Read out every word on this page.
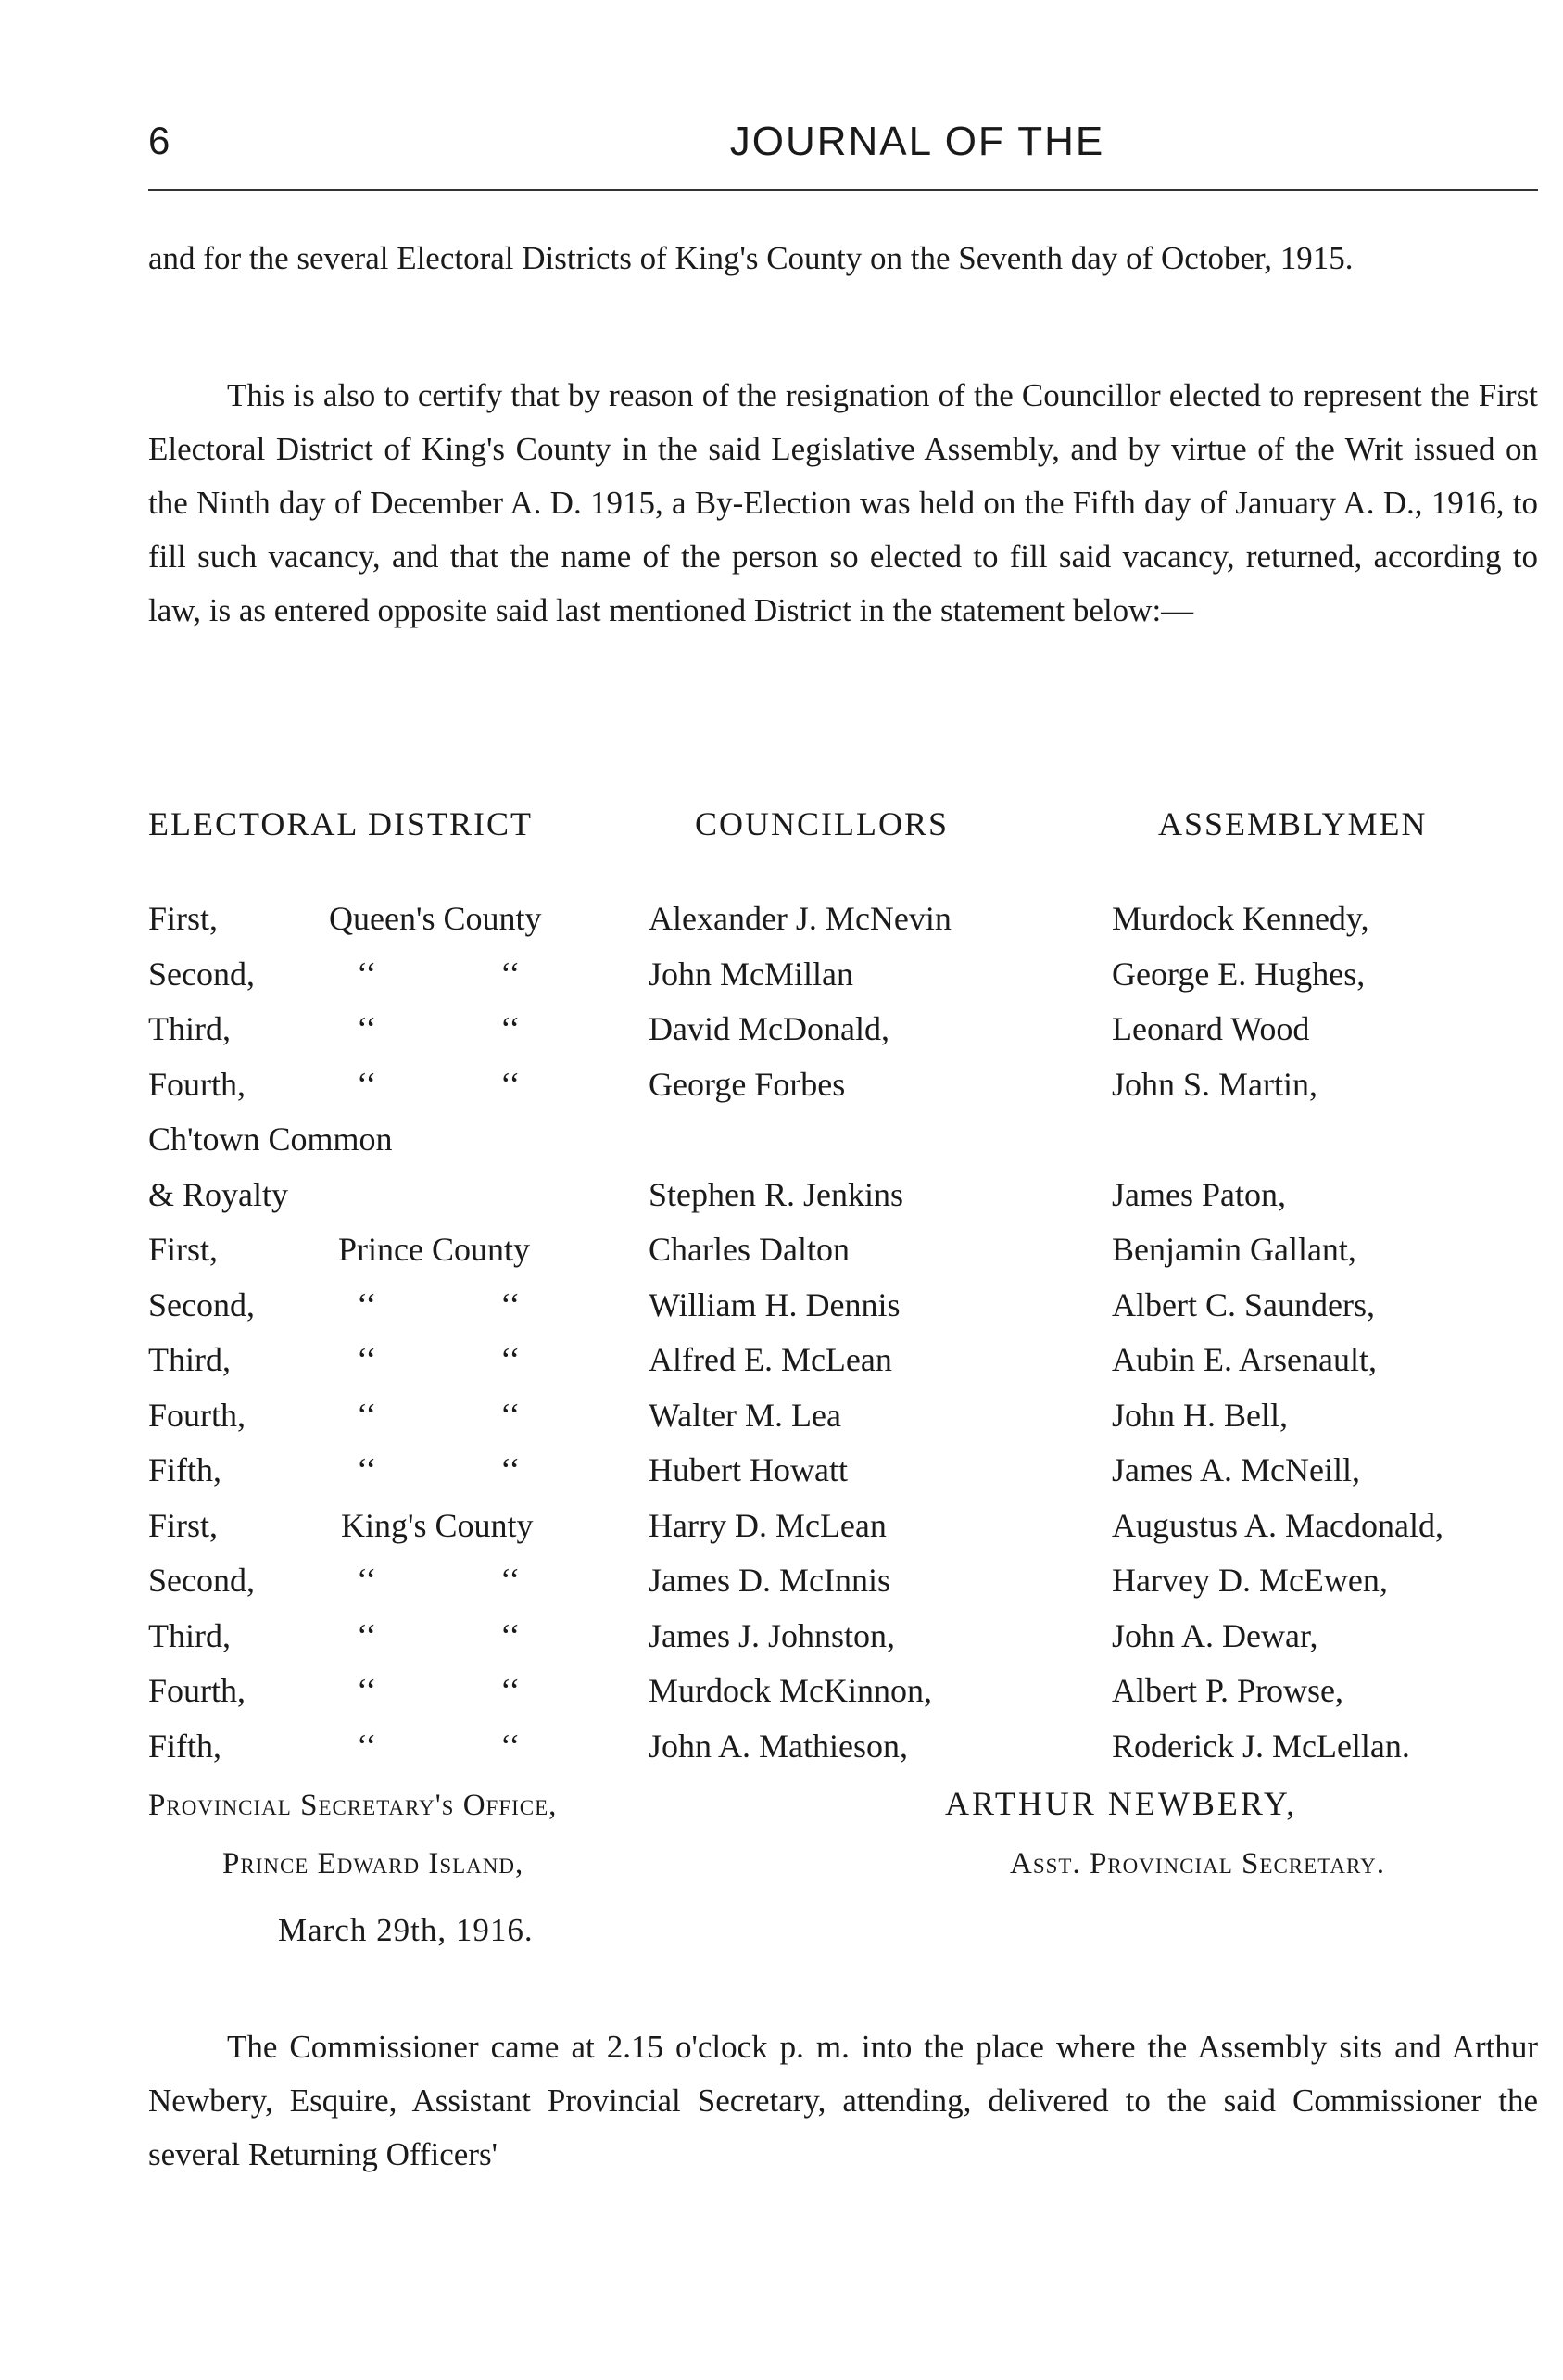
6	JOURNAL OF THE
and for the several Electoral Districts of King's County on the Seventh day of October, 1915.
This is also to certify that by reason of the resignation of the Councillor elected to represent the First Electoral District of King's County in the said Legislative Assembly, and by virtue of the Writ issued on the Ninth day of December A. D. 1915, a By-Election was held on the Fifth day of January A. D., 1916, to fill such vacancy, and that the name of the person so elected to fill said vacancy, returned, according to law, is as entered opposite said last mentioned District in the statement below:—
ELECTORAL DISTRICT	COUNCILLORS	ASSEMBLYMEN
First,	Queen's County	Alexander J. McNevin	Murdock Kennedy,
Second,	‘‘	‘‘	John McMillan	George E. Hughes,
Third,	‘‘	‘‘	David McDonald,	Leonard Wood
Fourth,	‘‘	‘‘	George Forbes	John S. Martin,
Ch'town Common
& Royalty	Stephen R. Jenkins	James Paton,
First,	Prince County	Charles Dalton	Benjamin Gallant,
Second,	‘‘	‘‘	William H. Dennis	Albert C. Saunders,
Third,	‘‘	‘‘	Alfred E. McLean	Aubin E. Arsenault,
Fourth,	‘‘	‘‘	Walter M. Lea	John H. Bell,
Fifth,	‘‘	‘‘	Hubert Howatt	James A. McNeill,
First,	King's County	Harry D. McLean	Augustus A. Macdonald,
Second,	‘‘	‘‘	James D. McInnis	Harvey D. McEwen,
Third,	‘‘	‘‘	James J. Johnston,	John A. Dewar,
Fourth,	‘‘	‘‘	Murdock McKinnon,	Albert P. Prowse,
Fifth,	‘‘	‘‘	John A. Mathieson,	Roderick J. McLellan.
Provincial Secretary's Office,
Prince Edward Island,
March 29th, 1916.
ARTHUR NEWBERY,
Asst. Provincial Secretary.
The Commissioner came at 2.15 o'clock p. m. into the place where the Assembly sits and Arthur Newbery, Esquire, Assistant Provincial Secretary, attending, delivered to the said Commissioner the several Returning Officers'
